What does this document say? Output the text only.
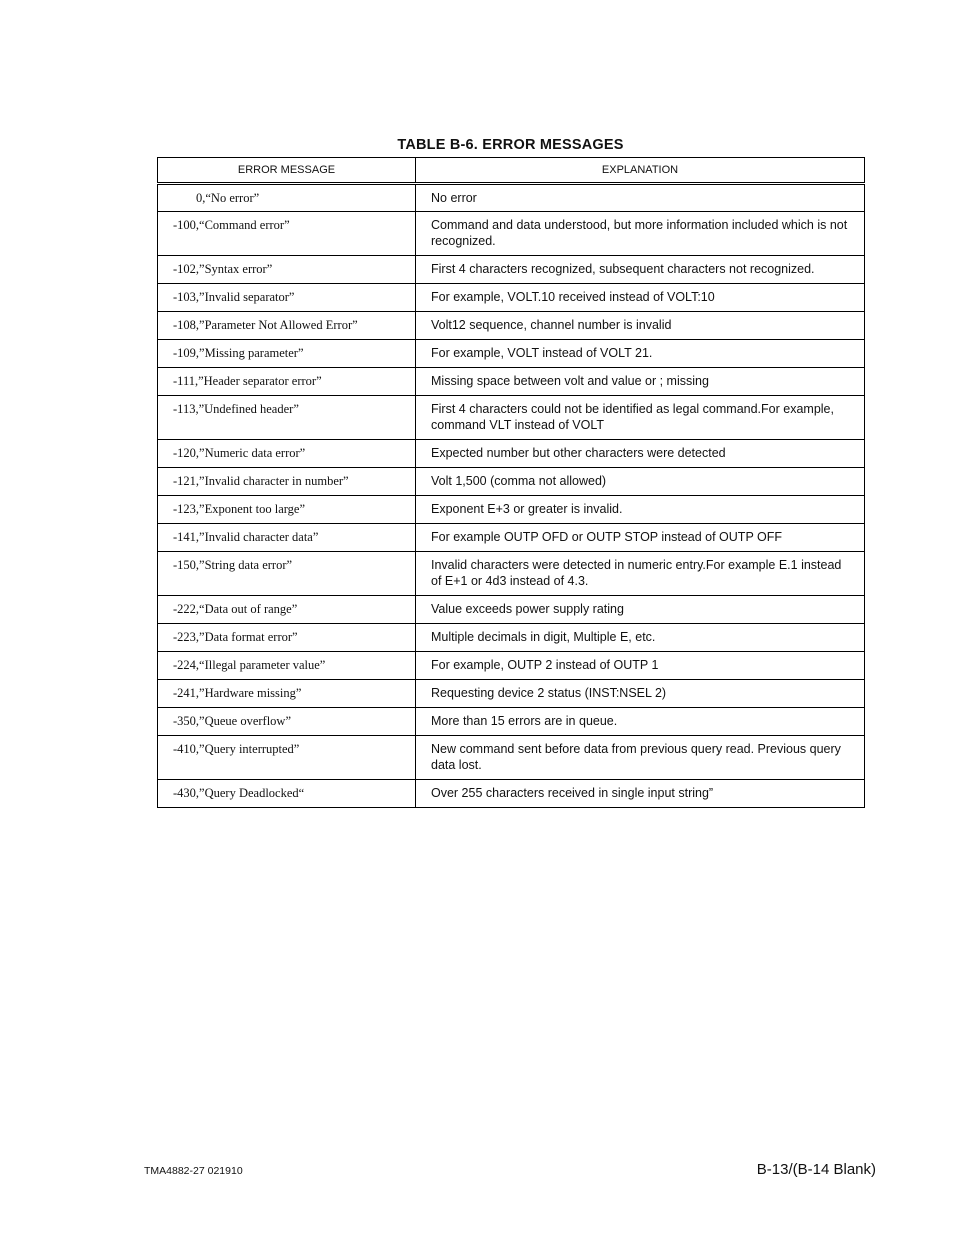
TABLE B-6. ERROR MESSAGES
ERROR MESSAGE	EXPLANATION
0,“No error”	No error
-100,“Command error”	Command and data understood, but more information included which is not recognized.
-102,”Syntax error”	First 4 characters recognized, subsequent characters not recognized.
-103,”Invalid separator”	For example, VOLT.10 received instead of VOLT:10
-108,”Parameter Not Allowed Error”	Volt12 sequence, channel number is invalid
-109,”Missing parameter”	For example, VOLT instead of VOLT 21.
-111,”Header separator error”	Missing space between volt and value or ; missing
-113,”Undefined header”	First 4 characters could not be identified as legal command.For example, command VLT instead of VOLT
-120,”Numeric data error”	Expected number but other characters were detected
-121,”Invalid character in number”	Volt 1,500 (comma not allowed)
-123,”Exponent too large”	Exponent E+3 or greater is invalid.
-141,”Invalid character data”	For example OUTP OFD or OUTP STOP instead of OUTP OFF
-150,”String data error”	Invalid characters were detected in numeric entry.For example E.1 instead of E+1 or 4d3 instead of 4.3.
-222,“Data out of range”	Value exceeds power supply rating
-223,”Data format error”	Multiple decimals in digit, Multiple E, etc.
-224,“Illegal parameter value”	For example, OUTP 2 instead of OUTP 1
-241,”Hardware missing”	Requesting device 2 status (INST:NSEL 2)
-350,”Queue overflow”	More than 15 errors are in queue.
-410,”Query interrupted”	New command sent before data from previous query read. Previous query data lost.
-430,”Query Deadlocked“	Over 255 characters received in single input string”
TMA4882-27 021910	B-13/(B-14 Blank)
